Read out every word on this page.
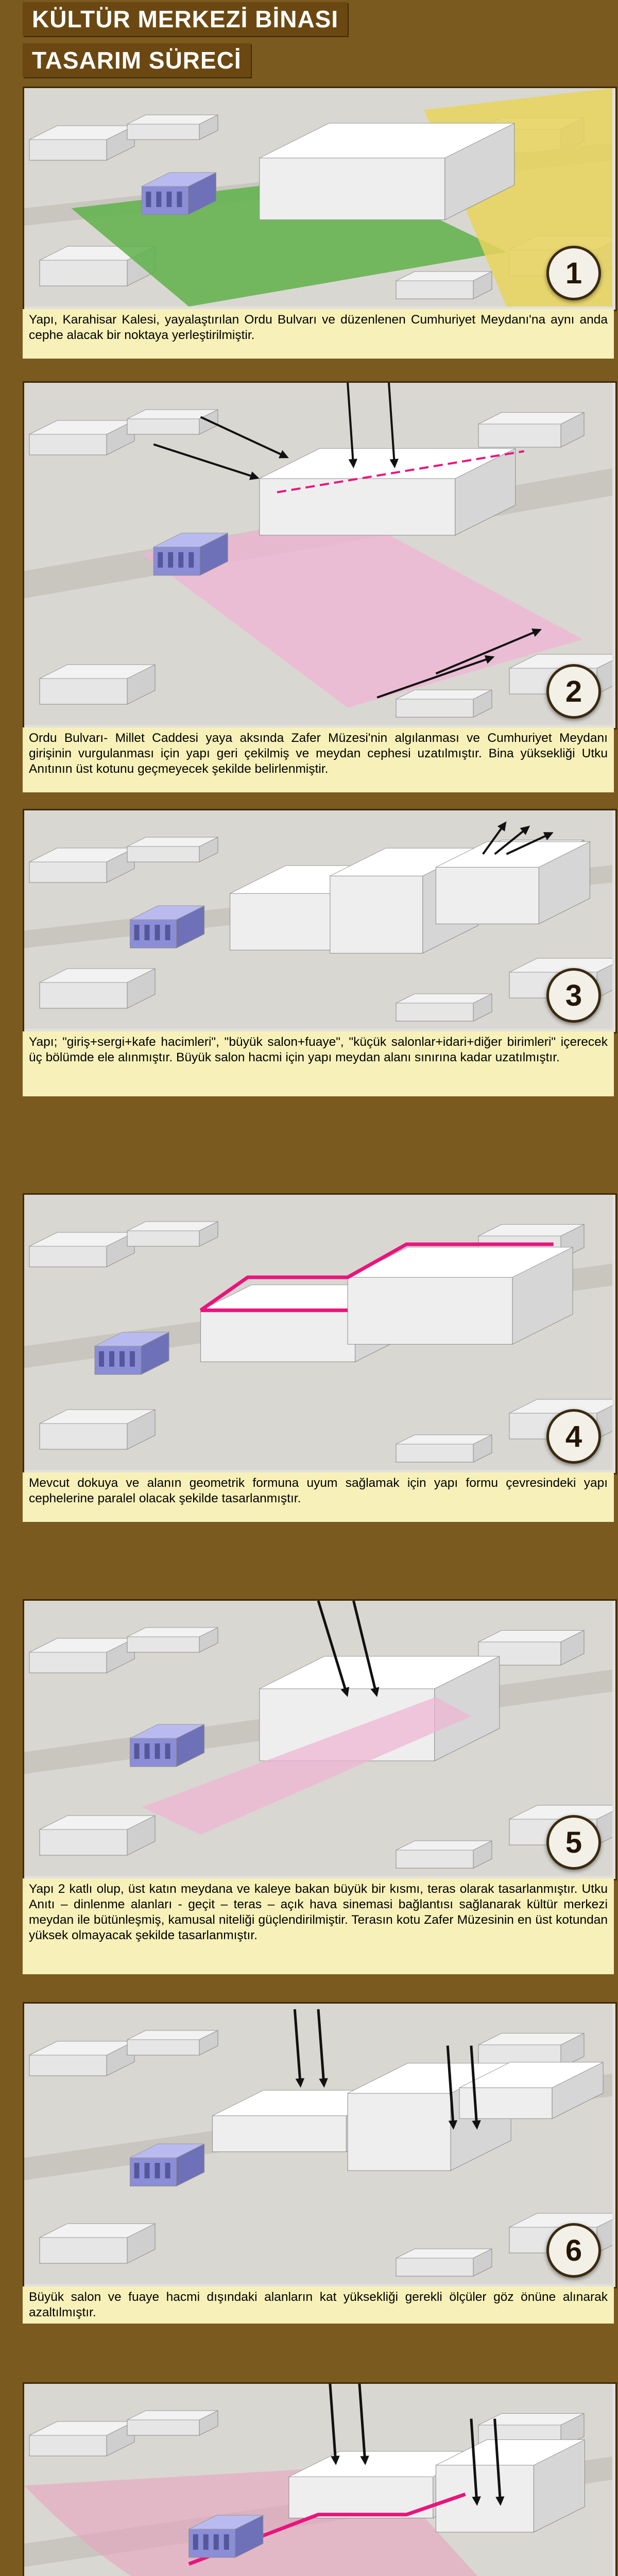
KÜLTÜR MERKEZİ BİNASI
TASARIM SÜRECİ
1

Yapı, Karahisar Kalesi, yayalaştırılan Ordu Bulvarı ve düzenlenen Cumhuriyet Meydanı'na aynı anda cephe alacak bir noktaya yerleştirilmiştir.

2

Ordu Bulvarı- Millet Caddesi yaya aksında Zafer Müzesi'nin algılanması ve Cumhuriyet Meydanı girişinin vurgulanması için yapı geri çekilmiş ve meydan cephesi uzatılmıştır. Bina yüksekliği Utku Anıtının üst kotunu geçmeyecek şekilde belirlenmiştir.

3

Yapı; "giriş+sergi+kafe hacimleri", "büyük salon+fuaye", "küçük salonlar+idari+diğer birimleri" içerecek üç bölümde ele alınmıştır. Büyük salon hacmi için yapı meydan alanı sınırına kadar uzatılmıştır.

4

Mevcut dokuya ve alanın geometrik formuna uyum sağlamak için yapı formu çevresindeki yapı cephelerine paralel olacak şekilde tasarlanmıştır.

5

Yapı 2 katlı olup, üst katın meydana ve kaleye bakan büyük bir kısmı, teras olarak tasarlanmıştır. Utku Anıtı – dinlenme alanları - geçit – teras – açık hava sinemasi bağlantısı sağlanarak kültür merkezi meydan ile bütünleşmiş, kamusal niteliği güçlendirilmiştir. Terasın kotu Zafer Müzesinin en üst kotundan yüksek olmayacak şekilde tasarlanmıştır.

6

Büyük salon ve fuaye hacmi dışındaki alanların kat yüksekliği gerekli ölçüler göz önüne alınarak azaltılmıştır.
